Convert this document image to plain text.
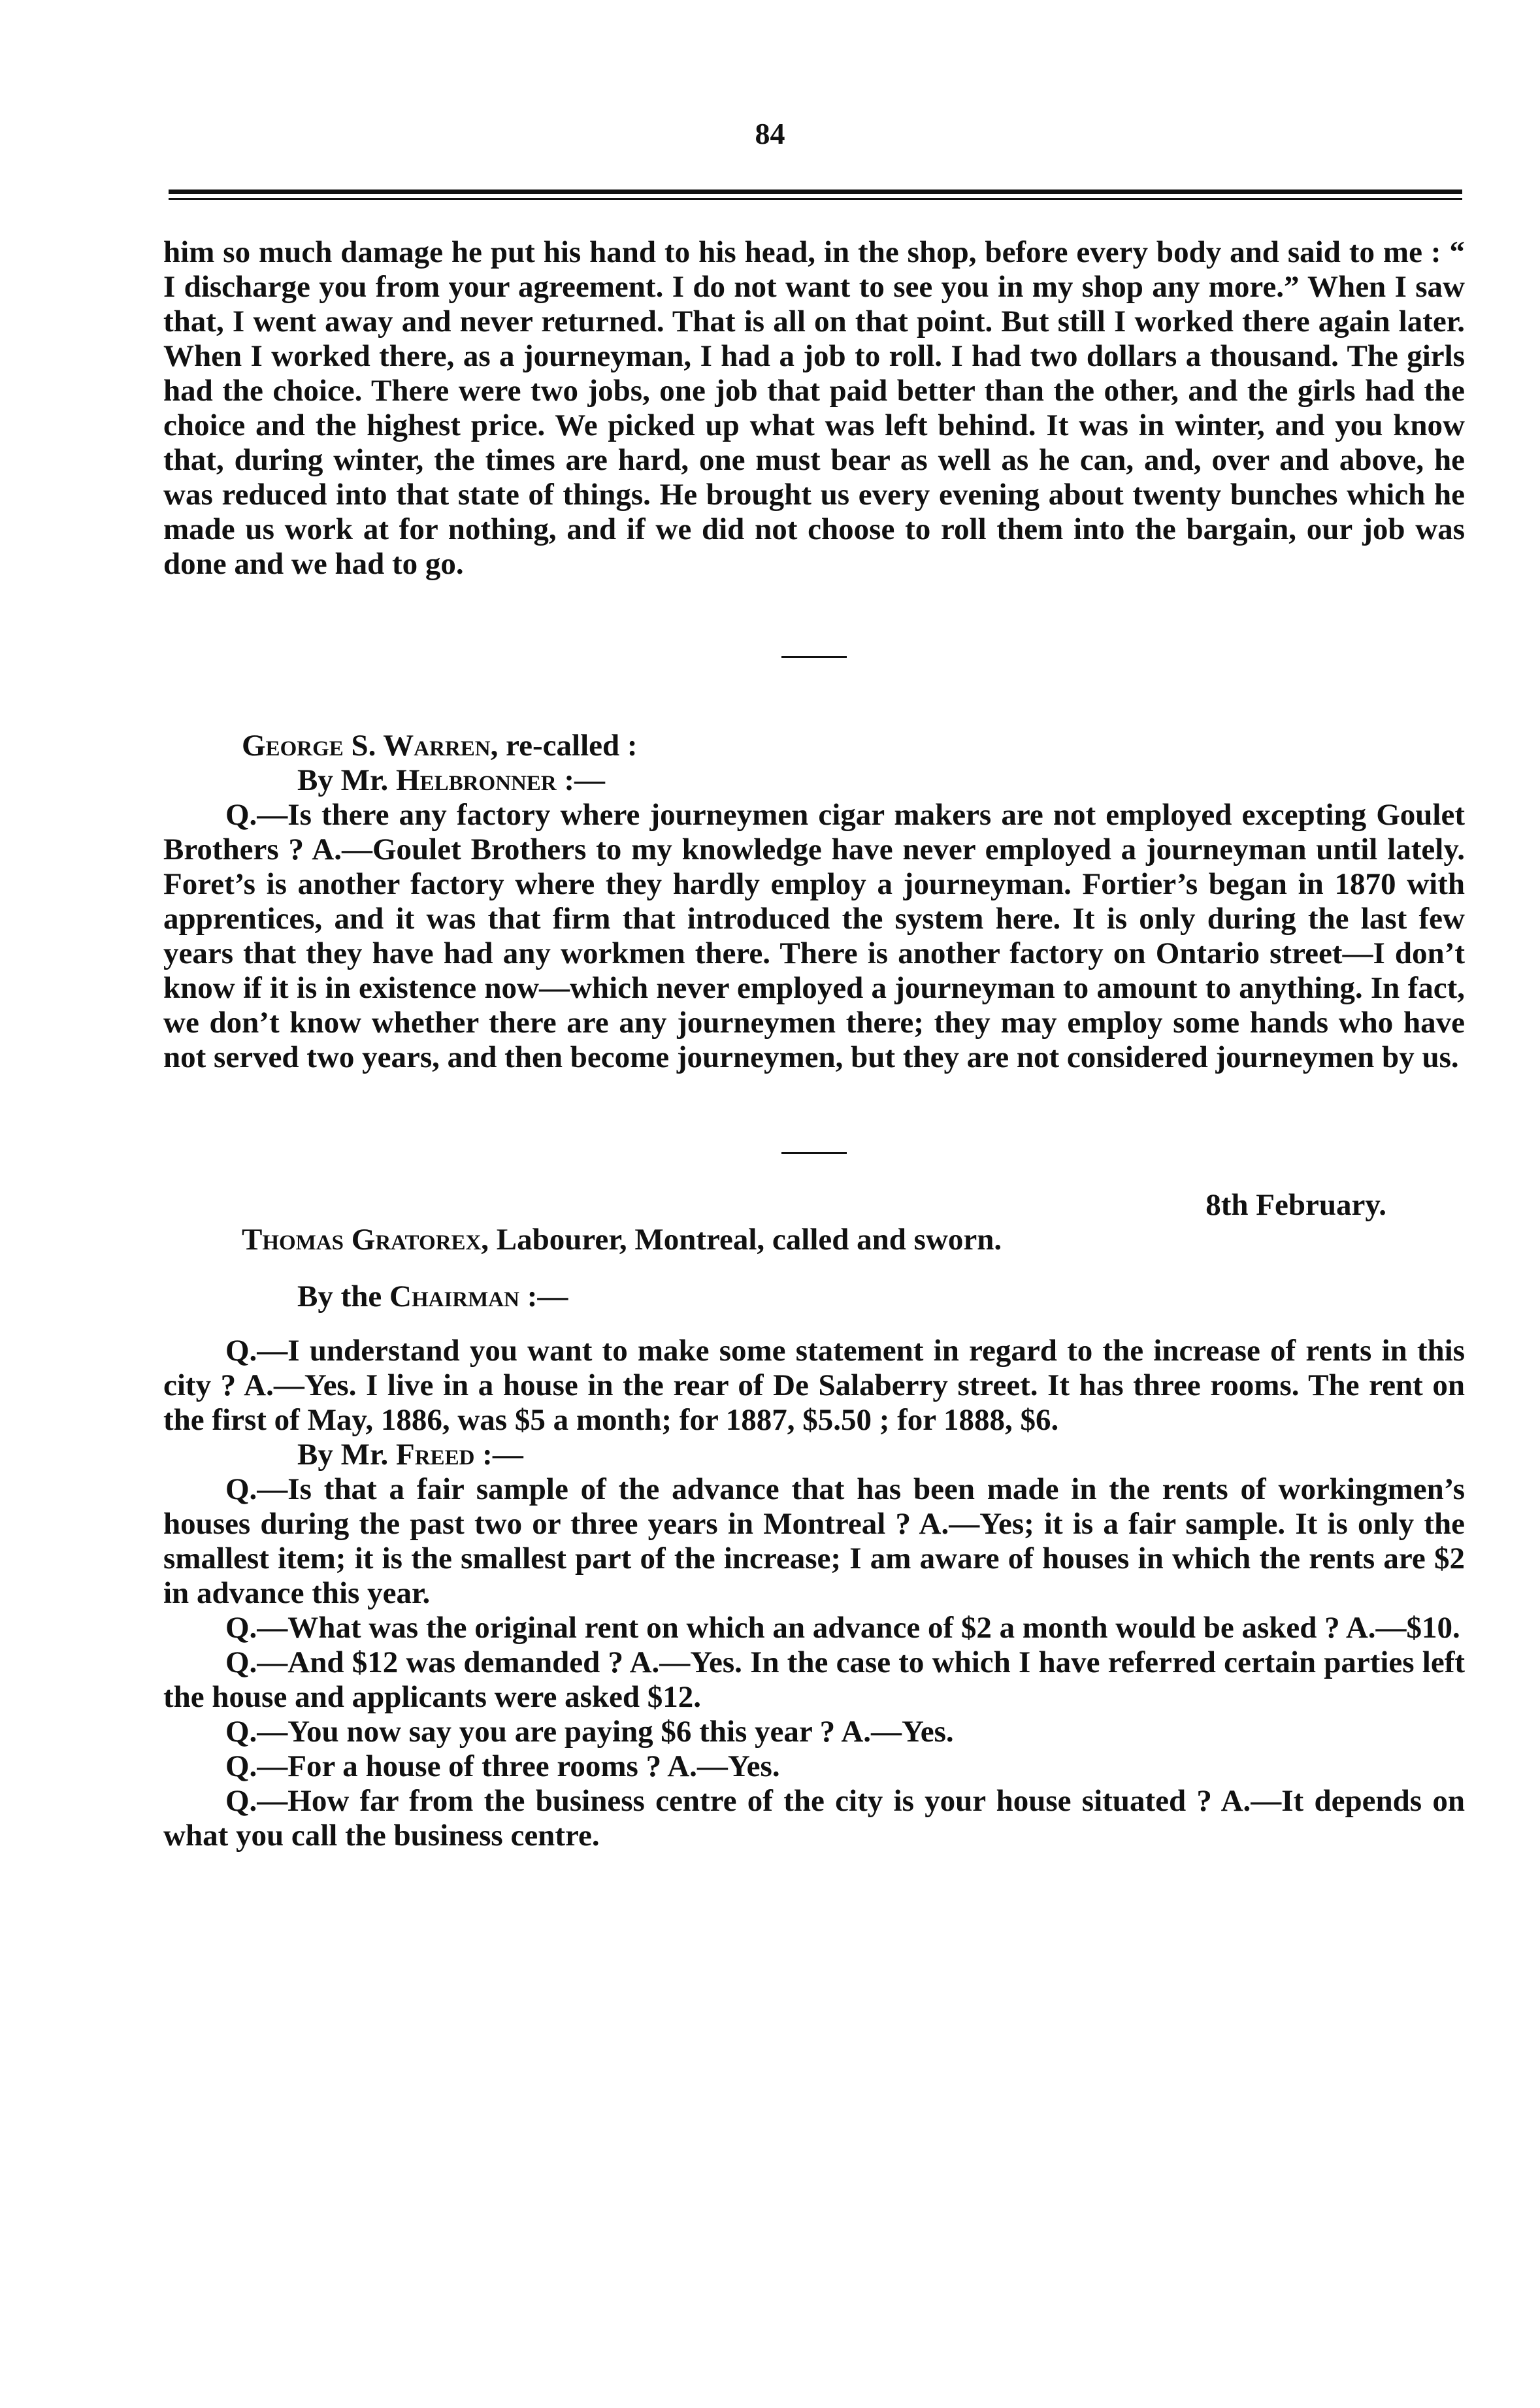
84

him so much damage he put his hand to his head, in the shop, before every body and said to me : “ I discharge you from your agreement. I do not want to see you in my shop any more.” When I saw that, I went away and never returned. That is all on that point. But still I worked there again later. When I worked there, as a journeyman, I had a job to roll. I had two dollars a thousand. The girls had the choice. There were two jobs, one job that paid better than the other, and the girls had the choice and the highest price. We picked up what was left behind. It was in winter, and you know that, during winter, the times are hard, one must bear as well as he can, and, over and above, he was reduced into that state of things. He brought us every evening about twenty bunches which he made us work at for nothing, and if we did not choose to roll them into the bargain, our job was done and we had to go.

George S. Warren, re-called :

By Mr. Helbronner :—

Q.—Is there any factory where journeymen cigar makers are not employed excepting Goulet Brothers ? A.—Goulet Brothers to my knowledge have never employed a journeyman until lately. Foret’s is another factory where they hardly employ a journeyman. Fortier’s began in 1870 with apprentices, and it was that firm that introduced the system here. It is only during the last few years that they have had any workmen there. There is another factory on Ontario street—I don’t know if it is in existence now—which never employed a journeyman to amount to anything. In fact, we don’t know whether there are any journeymen there; they may employ some hands who have not served two years, and then become journeymen, but they are not considered journeymen by us.

8th February.

Thomas Gratorex, Labourer, Montreal, called and sworn.

By the Chairman :—

Q.—I understand you want to make some statement in regard to the increase of rents in this city ? A.—Yes. I live in a house in the rear of De Salaberry street. It has three rooms. The rent on the first of May, 1886, was $5 a month; for 1887, $5.50 ; for 1888, $6.

By Mr. Freed :—

Q.—Is that a fair sample of the advance that has been made in the rents of workingmen’s houses during the past two or three years in Montreal ? A.—Yes; it is a fair sample. It is only the smallest item; it is the smallest part of the increase; I am aware of houses in which the rents are $2 in advance this year.

Q.—What was the original rent on which an advance of $2 a month would be asked ? A.—$10.

Q.—And $12 was demanded ? A.—Yes. In the case to which I have referred certain parties left the house and applicants were asked $12.

Q.—You now say you are paying $6 this year ? A.—Yes.

Q.—For a house of three rooms ? A.—Yes.

Q.—How far from the business centre of the city is your house situated ? A.—It depends on what you call the business centre.
